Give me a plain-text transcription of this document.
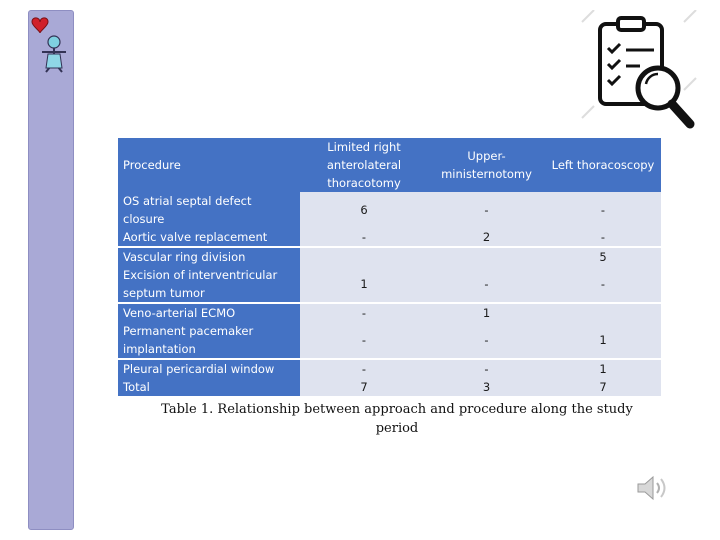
Procedure	Limited right anterolateral thoracotomy	Upper-ministernotomy	Left thoracoscopy
OS atrial septal defect closure	6	-	-
Aortic valve replacement	-	2	-
Vascular ring division			5
Excision of interventricular septum tumor	1	-	-
Veno-arterial ECMO	-	1	
Permanent pacemaker implantation	-	-	1
Pleural pericardial window	-	-	1
Total	7	3	7
Table 1. Relationship between approach and procedure along the study period
